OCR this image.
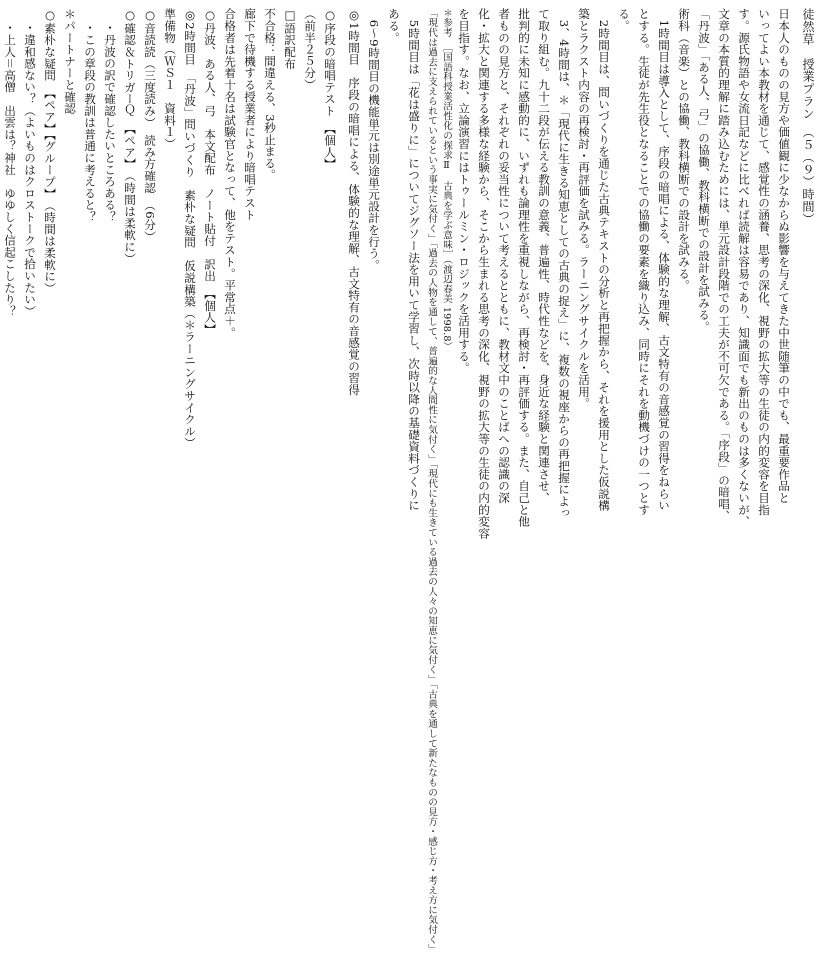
徒然草　授業プラン　（５（９）時間）
日本人のものの見方や価値観に少なからぬ影響を与えてきた中世随筆の中でも、最重要作品と
いってよい本教材を通じて、感覚性の涵養、思考の深化、視野の拡大等の生徒の内的変容を目指
す。源氏物語や女流日記などに比べれば読解は容易であり、知識面でも新出のものは多くないが、
文章の本質的理解に踏み込むためには、単元設計段階での工夫が不可欠である。「序段」の暗唱、
「丹波」「ある人、弓」の協働、教科横断での設計を試みる。
術科（音楽）との協働、教科横断での設計を試みる。
　1時間目は導入として、序段の暗唱による、体験的な理解、古文特有の音感覚の習得をねらい
とする。生徒が先生役となることでの協働の要素を織り込み、同時にそれを動機づけの一つとす
る。
　2時間目は、問いづくりを通じた古典テキストの分析と再把握から、それを援用とした仮説構
築とラクスト内容の再検討・再評価を試みる。ラーニングサイクルを活用。
　3、4時間は、＊「現代に生きる知恵としての古典の捉え」に、複数の視座からの再把握によっ
て取り組む。九十二段が伝える教訓の意義、普遍性、時代性などを、身近な経験と関連させ、
批判的に未知に感動的に、いずれも論理性を重視しながら、再検討・再評価する。また、自己と他
者ものの見方と、それぞれの妥当性について考えるとともに、教材文中のことばへの認識の深
化・拡大と関連する多様な経験から、そこから生まれる思考の深化、視野の拡大等の生徒の内的変容
を目指す。なお、立論演習にはトゥールミン・ロジックを活用する。
＊参考　［国語科授業活性化の探求Ⅱ　古典を学ぶ意味］（渡辺春美 1998.8）
「現代は過去に支えられているという事実に気付く」「過去の人物を通して、普遍的な人間性に気付く」「現代にも生きている過去の人々の知恵に気付く」「古典を通して新たなものの見方・感じ方・考え方に気付く」
　5時間目は「花は盛りに」についてジグソー法を用いて学習し、次時以降の基礎資料づくりに
ある。
　6～9時間目の機能単元は別途単元設計を行う。
◎1時間目　序段の暗唱による、体験的な理解、古文特有の音感覚の習得
○序段の暗唱テスト　【個人】
（前半２５分）
□語訳配布
不合格：間違える、3秒止まる。
廊下で待機する授業者により暗唱テスト
合格者は先着十名は試験官となって、他をテスト。平常点＋。
○丹波、ある人、弓　本文配布　ノート貼付　訳出　【個人】
◎2時間目　「丹波」問いづくり　素朴な疑問　仮説構築（＊ラーニングサイクル）
準備物（ＷＳ１　資料１）
○音読読（三度読み）　読み方確認　（6分）
○確認＆トリガーＱ　【ペア】　（時間は柔軟に）
・丹波の訳で確認したいところある？
・この章段の教訓は普通に考えると？
＊パートナーと確認
○素朴な疑問　【ペア】【グループ】　（時間は柔軟に）
・違和感ない？（よいものはクロストークで拾いたい）
・上人＝高僧　出雲は？神社　ゆゆしく信起こしたり？
